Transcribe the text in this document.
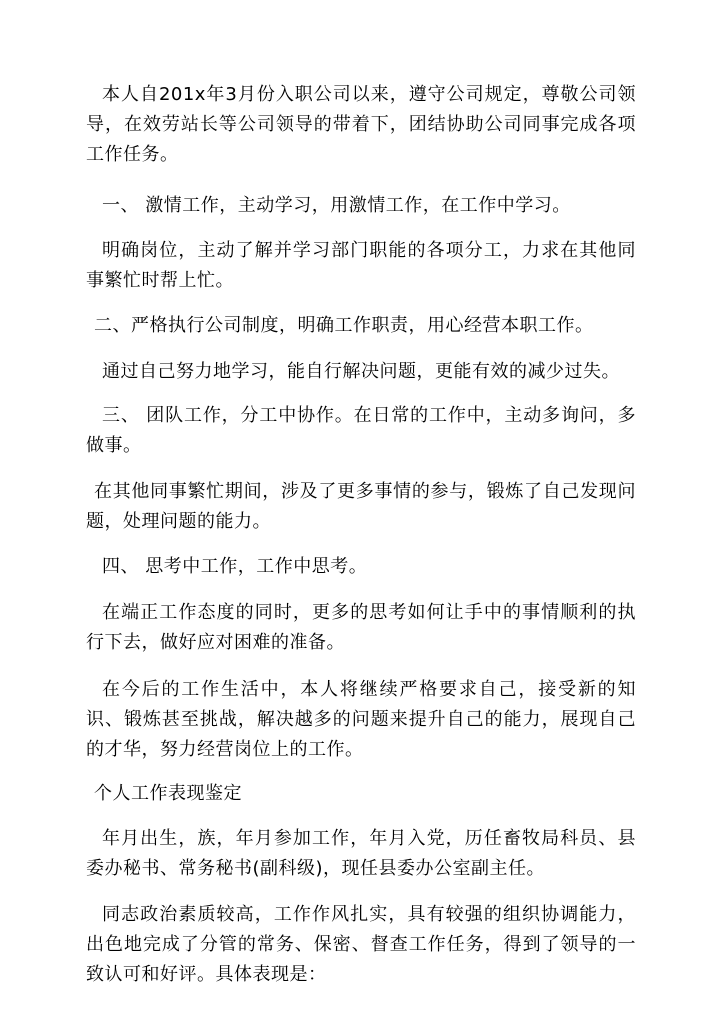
本人自201x年3月份入职公司以来，遵守公司规定，尊敬公司领导，在效劳站长等公司领导的带着下，团结协助公司同事完成各项工作任务。

一、 激情工作，主动学习，用激情工作，在工作中学习。

明确岗位，主动了解并学习部门职能的各项分工，力求在其他同事繁忙时帮上忙。

二、严格执行公司制度，明确工作职责，用心经营本职工作。

通过自己努力地学习，能自行解决问题，更能有效的减少过失。

三、 团队工作，分工中协作。在日常的工作中，主动多询问，多做事。

在其他同事繁忙期间，涉及了更多事情的参与，锻炼了自己发现问题，处理问题的能力。

四、 思考中工作，工作中思考。

在端正工作态度的同时，更多的思考如何让手中的事情顺利的执行下去，做好应对困难的准备。

在今后的工作生活中，本人将继续严格要求自己，接受新的知识、锻炼甚至挑战，解决越多的问题来提升自己的能力，展现自己的才华，努力经营岗位上的工作。

个人工作表现鉴定

年月出生，族，年月参加工作，年月入党，历任畜牧局科员、县委办秘书、常务秘书(副科级)，现任县委办公室副主任。

同志政治素质较高，工作作风扎实，具有较强的组织协调能力，出色地完成了分管的常务、保密、督查工作任务，得到了领导的一致认可和好评。具体表现是：
